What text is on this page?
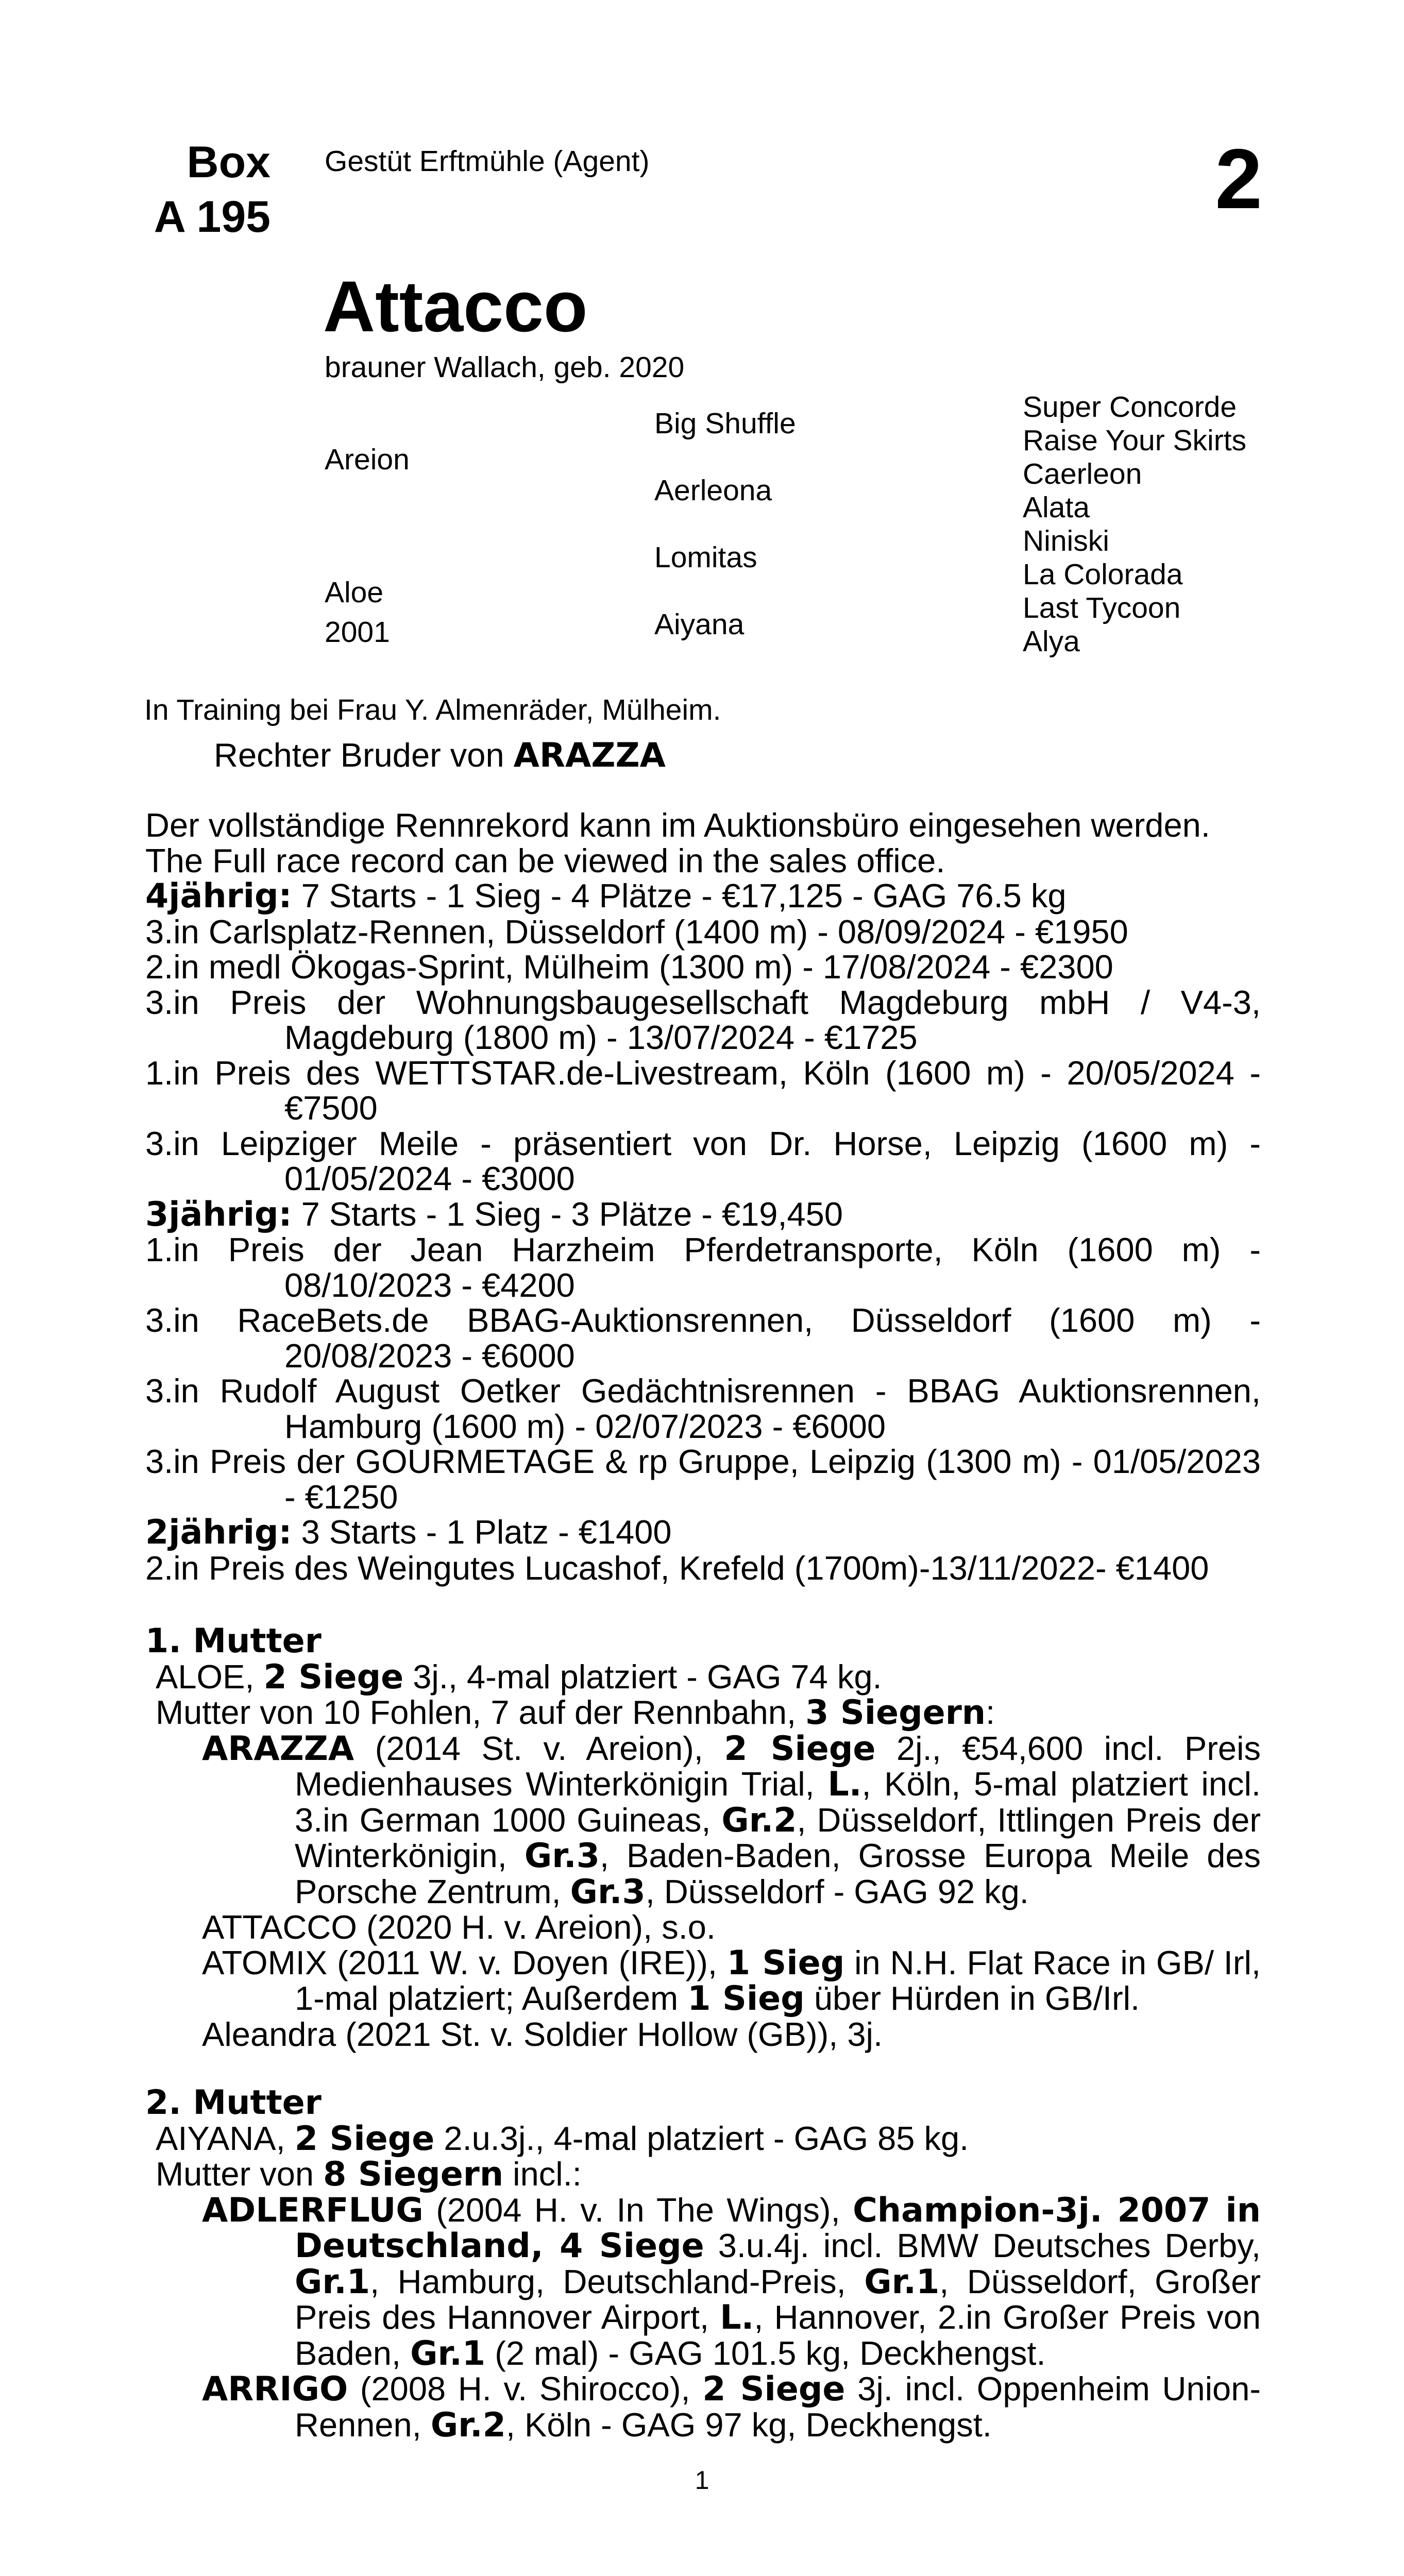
Box
A 195
Gestüt Erftmühle (Agent)	2
Attacco
brauner Wallach, geb. 2020
Areion
Aloe
2001
Big Shuffle
Aerleona
Lomitas
Aiyana
Super Concorde
Raise Your Skirts
Caerleon
Alata
Niniski
La Colorada
Last Tycoon
Alya
In Training bei Frau Y. Almenräder, Mülheim.
Rechter Bruder von ARAZZA

Der vollständige Rennrekord kann im Auktionsbüro eingesehen werden.

The Full race record can be viewed in the sales office.

4jährig: 7 Starts - 1 Sieg - 4 Plätze - €17,125 - GAG 76.5 kg

3.in Carlsplatz-Rennen, Düsseldorf (1400 m) - 08/09/2024 - €1950

2.in medl Ökogas-Sprint, Mülheim (1300 m) - 17/08/2024 - €2300

3.in Preis der Wohnungsbaugesellschaft Magdeburg mbH / V4-3, Magdeburg (1800 m) - 13/07/2024 - €1725

1.in Preis des WETTSTAR.de-Livestream, Köln (1600 m) - 20/05/2024 - €7500

3.in Leipziger Meile - präsentiert von Dr. Horse, Leipzig (1600 m) - 01/05/2024 - €3000

3jährig: 7 Starts - 1 Sieg - 3 Plätze - €19,450

1.in Preis der Jean Harzheim Pferdetransporte, Köln (1600 m) - 08/10/2023 - €4200

3.in RaceBets.de BBAG-Auktionsrennen, Düsseldorf (1600 m) - 20/08/2023 - €6000

3.in Rudolf August Oetker Gedächtnisrennen - BBAG Auktionsrennen, Hamburg (1600 m) - 02/07/2023 - €6000

3.in Preis der GOURMETAGE & rp Gruppe, Leipzig (1300 m) - 01/05/2023 - €1250

2jährig: 3 Starts - 1 Platz - €1400

2.in Preis des Weingutes Lucashof, Krefeld (1700m)-13/11/2022- €1400

1. Mutter

ALOE, 2 Siege 3j., 4-mal platziert - GAG 74 kg.

Mutter von 10 Fohlen, 7 auf der Rennbahn, 3 Siegern:

ARAZZA (2014 St. v. Areion), 2 Siege 2j., €54,600 incl. Preis Medienhauses Winterkönigin Trial, L., Köln, 5-mal platziert incl. 3.in German 1000 Guineas, Gr.2, Düsseldorf, Ittlingen Preis der Winterkönigin, Gr.3, Baden-Baden, Grosse Europa Meile des Porsche Zentrum, Gr.3, Düsseldorf - GAG 92 kg.

ATTACCO (2020 H. v. Areion), s.o.

ATOMIX (2011 W. v. Doyen (IRE)), 1 Sieg in N.H. Flat Race in GB/ Irl, 1-mal platziert; Außerdem 1 Sieg über Hürden in GB/Irl.

Aleandra (2021 St. v. Soldier Hollow (GB)), 3j.

2. Mutter

AIYANA, 2 Siege 2.u.3j., 4-mal platziert - GAG 85 kg.

Mutter von 8 Siegern incl.:

ADLERFLUG (2004 H. v. In The Wings), Champion-3j. 2007 in Deutschland, 4 Siege 3.u.4j. incl. BMW Deutsches Derby, Gr.1, Hamburg, Deutschland-Preis, Gr.1, Düsseldorf, Großer Preis des Hannover Airport, L., Hannover, 2.in Großer Preis von Baden, Gr.1 (2 mal) - GAG 101.5 kg, Deckhengst.

ARRIGO (2008 H. v. Shirocco), 2 Siege 3j. incl. Oppenheim Union-Rennen, Gr.2, Köln - GAG 97 kg, Deckhengst.

1
